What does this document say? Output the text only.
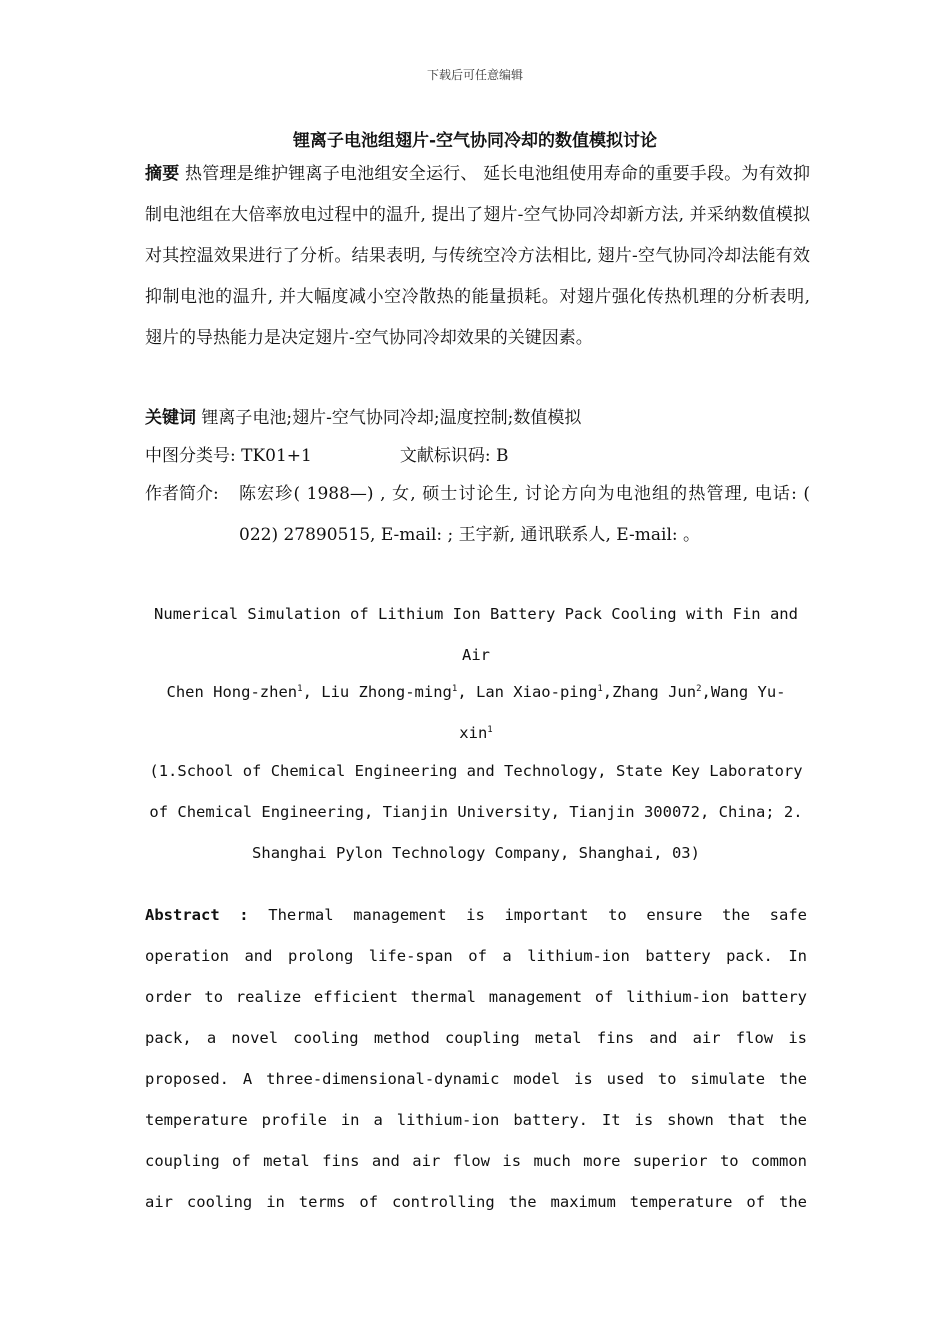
下载后可任意编辑
锂离子电池组翅片-空气协同冷却的数值模拟讨论
摘要 热管理是维护锂离子电池组安全运行、 延长电池组使用寿命的重要手段。为有效抑制电池组在大倍率放电过程中的温升, 提出了翅片-空气协同冷却新方法, 并采纳数值模拟对其控温效果进行了分析。结果表明, 与传统空冷方法相比, 翅片-空气协同冷却法能有效抑制电池的温升, 并大幅度减小空冷散热的能量损耗。对翅片强化传热机理的分析表明, 翅片的导热能力是决定翅片-空气协同冷却效果的关键因素。
关键词 锂离子电池;翅片-空气协同冷却;温度控制;数值模拟
中图分类号: TK01+1	文献标识码: B
作者简介: 陈宏珍( 1988—) , 女, 硕士讨论生, 讨论方向为电池组的热管理, 电话: ( 022) 27890515, E-mail: ; 王宇新, 通讯联系人, E-mail: 。
Numerical Simulation of Lithium Ion Battery Pack Cooling with Fin and Air
Chen Hong-zhen$^1$, Liu Zhong-ming$^1$, Lan Xiao-ping$^1$,Zhang Jun$^2$,Wang Yu-xin$^1$
(1.School of Chemical Engineering and Technology, State Key Laboratory of Chemical Engineering, Tianjin University, Tianjin 300072, China; 2. Shanghai Pylon Technology Company, Shanghai, 03)
Abstract : Thermal management is important to ensure the safe operation and prolong life-span of a lithium-ion battery pack. In order to realize efficient thermal management of lithium-ion battery pack, a novel cooling method coupling metal fins and air flow is proposed. A three-dimensional-dynamic model is used to simulate the temperature profile in a lithium-ion battery. It is shown that the coupling of metal fins and air flow is much more superior to common air cooling in terms of controlling the maximum temperature of the
